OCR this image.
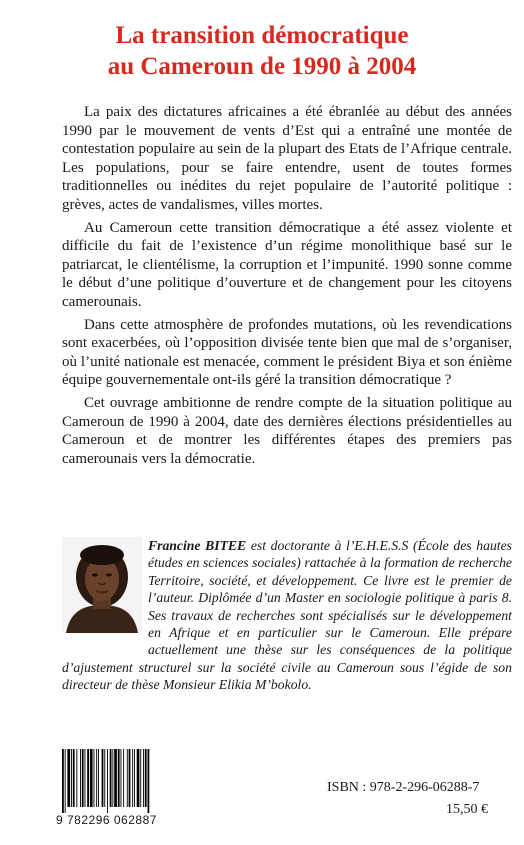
La transition démocratique
au Cameroun de 1990 à 2004

La paix des dictatures africaines a été ébranlée au début des années 1990 par le mouvement de vents d’Est qui a entraîné une montée de contestation populaire au sein de la plupart des Etats de l’Afrique centrale. Les populations, pour se faire entendre, usent de toutes formes traditionnelles ou inédites du rejet populaire de l’autorité politique : grèves, actes de vandalismes, villes mortes.

Au Cameroun cette transition démocratique a été assez violente et difficile du fait de l’existence d’un régime monolithique basé sur le patriarcat, le clientélisme, la corruption et l’impunité. 1990 sonne comme le début d’une politique d’ouverture et de changement pour les citoyens camerounais.

Dans cette atmosphère de profondes mutations, où les revendications sont exacerbées, où l’opposition divisée tente bien que mal de s’organiser, où l’unité nationale est menacée, comment le président Biya et son énième équipe gouvernementale ont-ils géré la transition démocratique ?

Cet ouvrage ambitionne de rendre compte de la situation politique au Cameroun de 1990 à 2004, date des dernières élections présidentielles au Cameroun et de montrer les différentes étapes des premiers pas camerounais vers la démocratie.

Francine BITEE est doctorante à l’E.H.E.S.S (École des hautes études en sciences sociales) rattachée à la formation de recherche Territoire, société, et développement. Ce livre est le premier de l’auteur. Diplômée d’un Master en sociologie politique à paris 8. Ses travaux de recherches sont spécialisés sur le développement en Afrique et en particulier sur le Cameroun. Elle prépare actuellement une thèse sur les conséquences de la politique d’ajustement structurel sur la société civile au Cameroun sous l’égide de son directeur de thèse Monsieur Elikia M’bokolo.
9 782296 062887
ISBN : 978-2-296-06288-7
15,50 €
